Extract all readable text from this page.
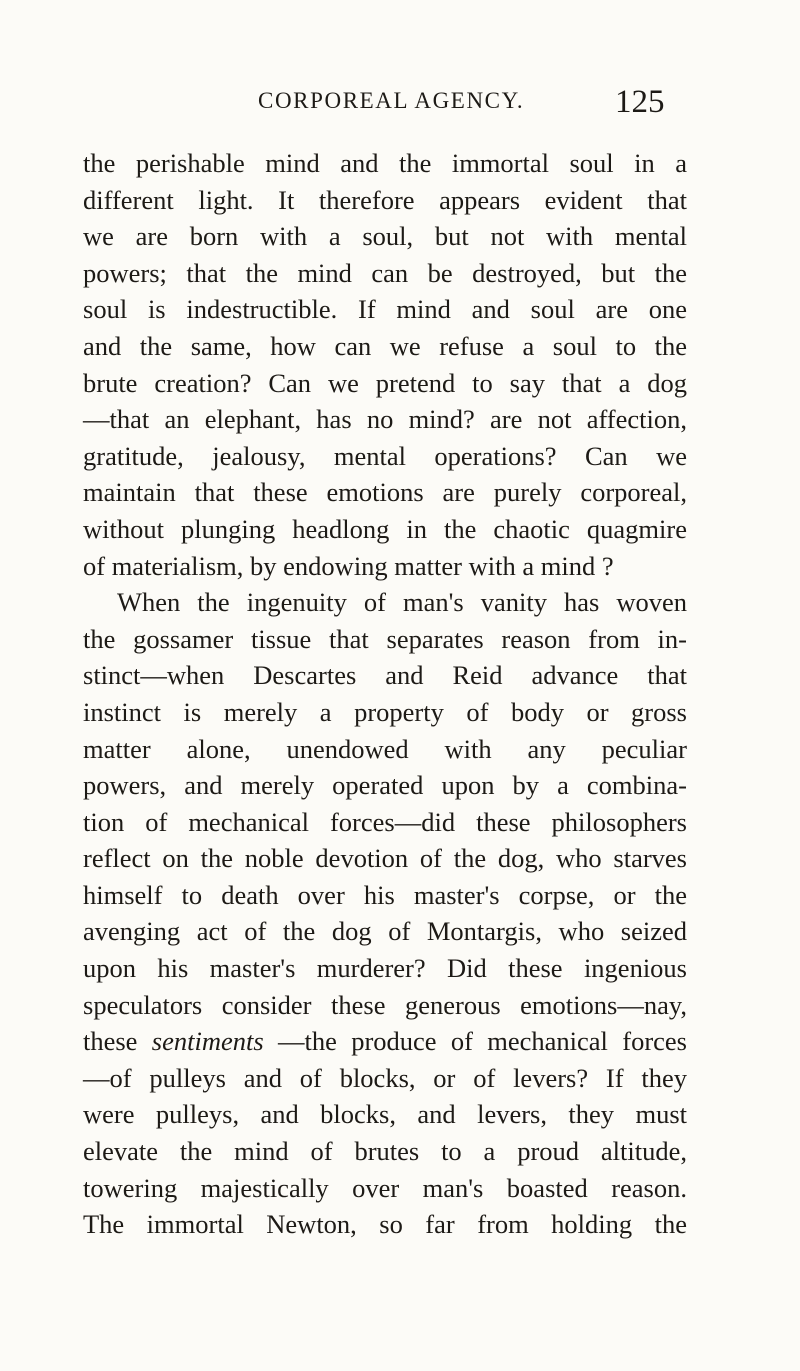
CORPOREAL AGENCY.	125
the perishable mind and the immortal soul in a
different light. It therefore appears evident that
we are born with a soul, but not with mental
powers; that the mind can be destroyed, but the
soul is indestructible. If mind and soul are one
and the same, how can we refuse a soul to the
brute creation? Can we pretend to say that a dog
—that an elephant, has no mind? are not affection,
gratitude, jealousy, mental operations? Can we
maintain that these emotions are purely corporeal,
without plunging headlong in the chaotic quagmire
of materialism, by endowing matter with a mind ?
When the ingenuity of man's vanity has woven
the gossamer tissue that separates reason from in-
stinct—when Descartes and Reid advance that
instinct is merely a property of body or gross
matter alone, unendowed with any peculiar
powers, and merely operated upon by a combina-
tion of mechanical forces—did these philosophers
reflect on the noble devotion of the dog, who starves
himself to death over his master's corpse, or the
avenging act of the dog of Montargis, who seized
upon his master's murderer? Did these ingenious
speculators consider these generous emotions—nay,
these sentiments —the produce of mechanical forces
—of pulleys and of blocks, or of levers? If they
were pulleys, and blocks, and levers, they must
elevate the mind of brutes to a proud altitude,
towering majestically over man's boasted reason.
The immortal Newton, so far from holding the
